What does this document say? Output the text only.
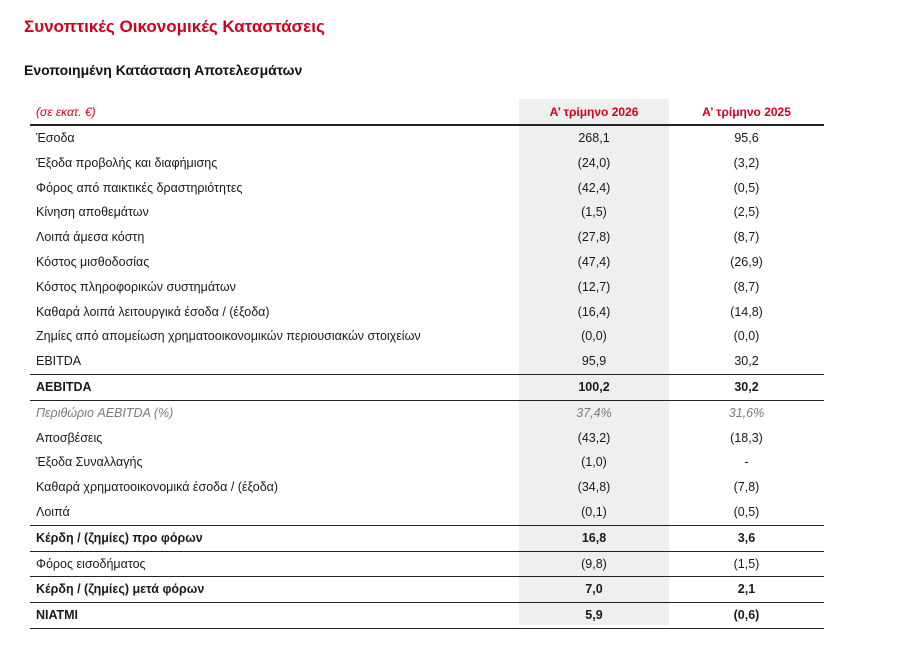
Συνοπτικές Οικονομικές Καταστάσεις
Ενοποιημένη Κατάσταση Αποτελεσμάτων
(σε εκατ. €)	Α’ τρίμηνο 2026	Α’ τρίμηνο 2025
Έσοδα	268,1	95,6
Έξοδα προβολής και διαφήμισης	(24,0)	(3,2)
Φόρος από παικτικές δραστηριότητες	(42,4)	(0,5)
Κίνηση αποθεμάτων	(1,5)	(2,5)
Λοιπά άμεσα κόστη	(27,8)	(8,7)
Κόστος μισθοδοσίας	(47,4)	(26,9)
Κόστος πληροφορικών συστημάτων	(12,7)	(8,7)
Καθαρά λοιπά λειτουργικά έσοδα / (έξοδα)	(16,4)	(14,8)
Ζημίες από απομείωση χρηματοοικονομικών περιουσιακών στοιχείων	(0,0)	(0,0)
EBITDA	95,9	30,2
AEBITDA	100,2	30,2
Περιθώριο AEBITDA (%)	37,4%	31,6%
Αποσβέσεις	(43,2)	(18,3)
Έξοδα Συναλλαγής	(1,0)	-
Καθαρά χρηματοοικονομικά έσοδα / (έξοδα)	(34,8)	(7,8)
Λοιπά	(0,1)	(0,5)
Κέρδη / (ζημίες) προ φόρων	16,8	3,6
Φόρος εισοδήματος	(9,8)	(1,5)
Κέρδη / (ζημίες) μετά φόρων	7,0	2,1
ΝΙΑΤΜΙ	5,9	(0,6)
